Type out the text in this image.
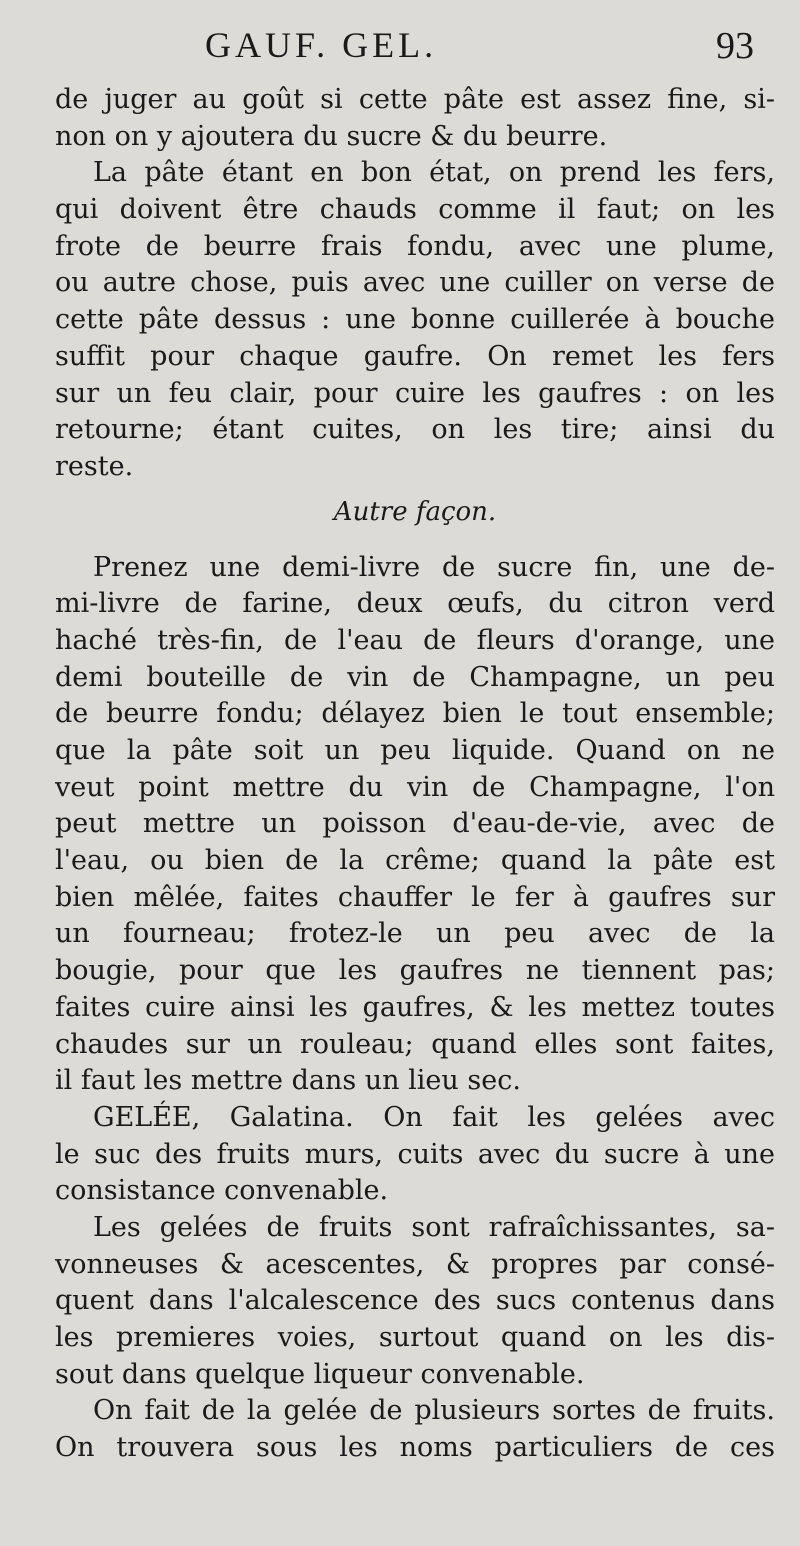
GAUF. GEL.	93
de juger au goût si cette pâte est assez fine, si-
non on y ajoutera du sucre & du beurre.
La pâte étant en bon état, on prend les fers,
qui doivent être chauds comme il faut; on les
frote de beurre frais fondu, avec une plume,
ou autre chose, puis avec une cuiller on verse de
cette pâte dessus : une bonne cuillerée à bouche
suffit pour chaque gaufre. On remet les fers
sur un feu clair, pour cuire les gaufres : on les
retourne; étant cuites, on les tire; ainsi du
reste.
Autre façon.
Prenez une demi-livre de sucre fin, une de-
mi-livre de farine, deux œufs, du citron verd
haché très-fin, de l'eau de fleurs d'orange, une
demi bouteille de vin de Champagne, un peu
de beurre fondu; délayez bien le tout ensemble;
que la pâte soit un peu liquide. Quand on ne
veut point mettre du vin de Champagne, l'on
peut mettre un poisson d'eau-de-vie, avec de
l'eau, ou bien de la crême; quand la pâte est
bien mêlée, faites chauffer le fer à gaufres sur
un fourneau; frotez-le un peu avec de la
bougie, pour que les gaufres ne tiennent pas;
faites cuire ainsi les gaufres, & les mettez toutes
chaudes sur un rouleau; quand elles sont faites,
il faut les mettre dans un lieu sec.
GELÉE, Galatina. On fait les gelées avec
le suc des fruits murs, cuits avec du sucre à une
consistance convenable.
Les gelées de fruits sont rafraîchissantes, sa-
vonneuses & acescentes, & propres par consé-
quent dans l'alcalescence des sucs contenus dans
les premieres voies, surtout quand on les dis-
sout dans quelque liqueur convenable.
On fait de la gelée de plusieurs sortes de fruits.
On trouvera sous les noms particuliers de ces
